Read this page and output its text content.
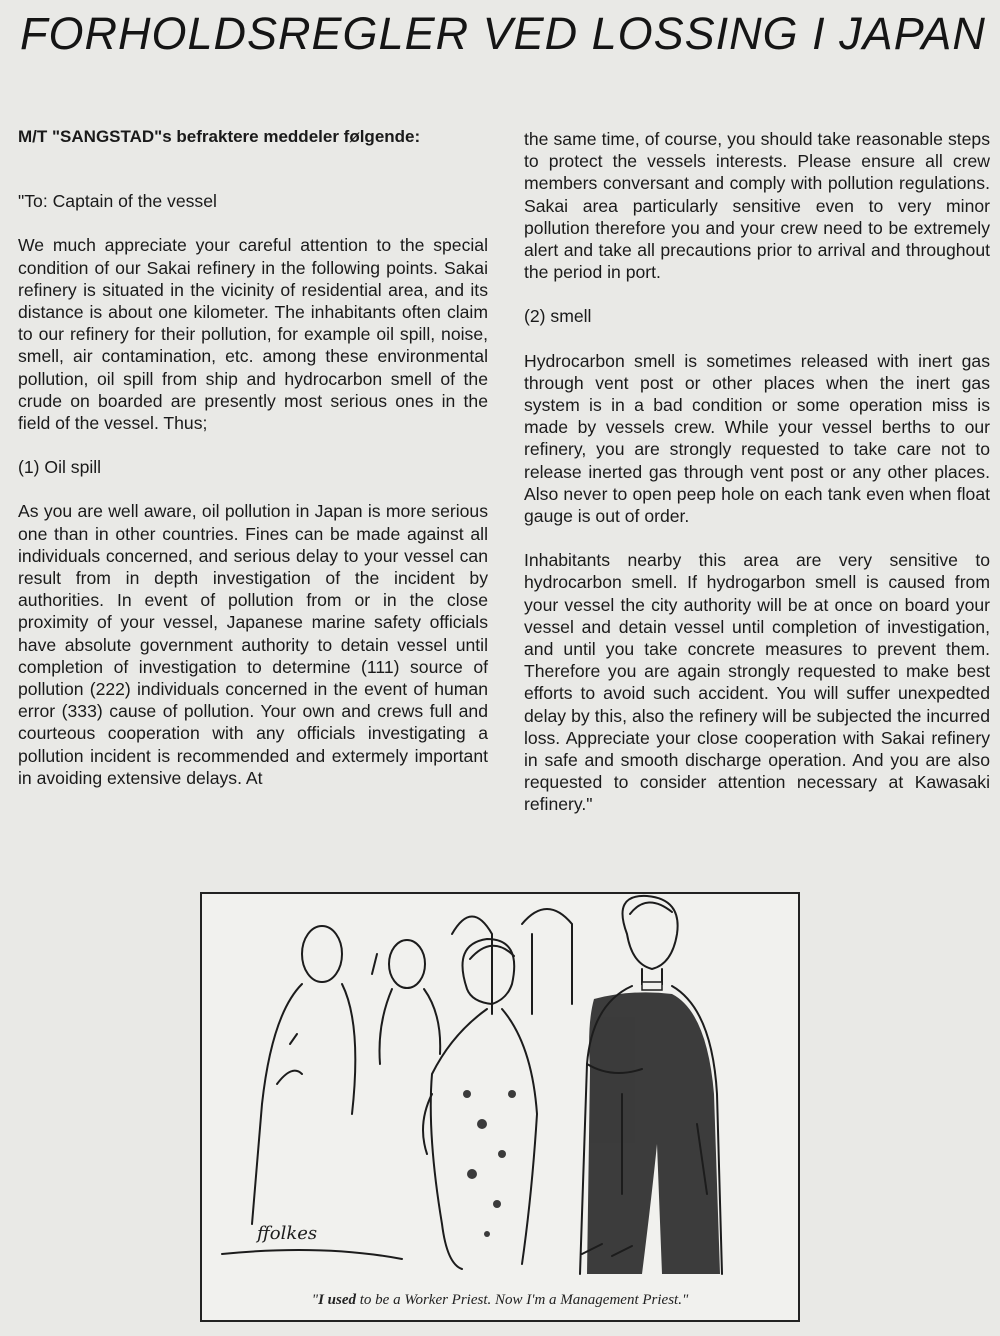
FORHOLDSREGLER VED LOSSING I JAPAN

M/T "SANGSTAD"s befraktere meddeler følgende:

"To: Captain of the vessel

We much appreciate your careful attention to the special condition of our Sakai refinery in the following points. Sakai refinery is situated in the vicinity of residential area, and its distance is about one kilometer. The inhabitants often claim to our refinery for their pollution, for example oil spill, noise, smell, air contamination, etc. among these environmental pollution, oil spill from ship and hydrocarbon smell of the crude on boarded are presently most serious ones in the field of the vessel. Thus;

(1) Oil spill

As you are well aware, oil pollution in Japan is more serious one than in other countries. Fines can be made against all individuals concerned, and serious delay to your vessel can result from in depth investigation of the incident by authorities. In event of pollution from or in the close proximity of your vessel, Japanese marine safety officials have absolute government authority to detain vessel until completion of investigation to determine (111) source of pollution (222) individuals concerned in the event of human error (333) cause of pollution. Your own and crews full and courteous cooperation with any officials investigating a pollution incident is recommended and extermely important in avoiding extensive delays. At

the same time, of course, you should take reasonable steps to protect the vessels interests. Please ensure all crew members conversant and comply with pollution regulations. Sakai area particularly sensitive even to very minor pollution therefore you and your crew need to be extremely alert and take all precautions prior to arrival and throughout the period in port.

(2) smell

Hydrocarbon smell is sometimes released with inert gas through vent post or other places when the inert gas system is in a bad condition or some operation miss is made by vessels crew. While your vessel berths to our refinery, you are strongly requested to take care not to release inerted gas through vent post or any other places. Also never to open peep hole on each tank even when float gauge is out of order.

Inhabitants nearby this area are very sensitive to hydrocarbon smell. If hydrogarbon smell is caused from your vessel the city authority will be at once on board your vessel and detain vessel until completion of investigation, and until you take concrete measures to prevent them. Therefore you are again strongly requested to make best efforts to avoid such accident. You will suffer unexpedted delay by this, also the refinery will be subjected the incurred loss. Appreciate your close cooperation with Sakai refinery in safe and smooth discharge operation. And you are also requested to consider attention necessary at Kawasaki refinery."

ffolkes
"I used to be a Worker Priest. Now I'm a Management Priest."
